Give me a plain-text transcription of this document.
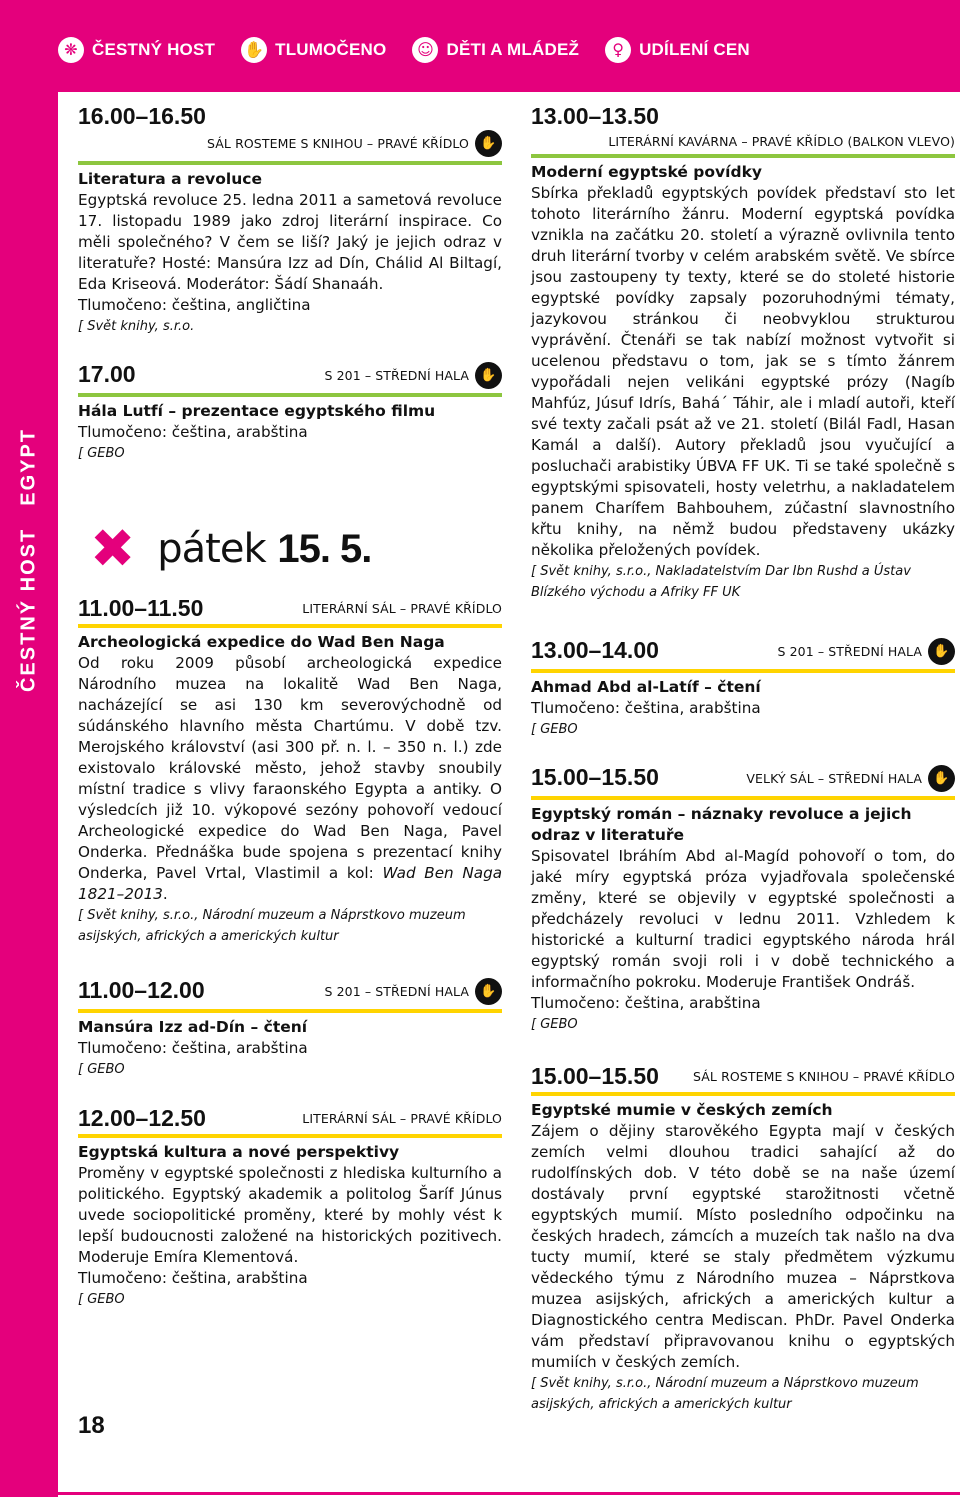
❋ ČESTNÝ HOST ✋ TLUMOČENO ☺ DĚTI A MLÁDEŽ	♀ UDÍLENÍ CEN
ČESTNÝ HOSTEGYPT
16.00–16.50
SÁL ROSTEME S KNIHOU – PRAVÉ KŘÍDLO ✋
Literatura a revoluce
Egyptská revoluce 25. ledna 2011 a sametová revoluce 17. listopadu 1989 jako zdroj literární inspirace. Co měli společného? V čem se liší? Jaký je jejich odraz v literatuře? Hosté: Mansúra Izz ad Dín, Chálid Al Biltagí, Eda Kriseová. Moderátor: Šádí Shanaáh.
Tlumočeno: čeština, angličtina
[ Svět knihy, s.r.o.
17.00	S 201 – STŘEDNÍ HALA ✋
Hála Lutfí – prezentace egyptského filmu
Tlumočeno: čeština, arabština
[ GEBO
✖ pátek 15. 5.
11.00–11.50	LITERÁRNÍ SÁL – PRAVÉ KŘÍDLO
Archeologická expedice do Wad Ben Naga
Od roku 2009 působí archeologická expedice Národního muzea na lokalitě Wad Ben Naga, nacházející se asi 130 km severovýchodně od súdánského hlavního města Chartúmu. V době tzv. Merojského království (asi 300 př. n. l. – 350 n. l.) zde existovalo královské město, jehož stavby snoubily místní tradice s vlivy faraonského Egypta a antiky. O výsledcích již 10. výkopové sezóny pohovoří vedoucí Archeologické expedice do Wad Ben Naga, Pavel Onderka. Přednáška bude spojena s prezentací knihy Onderka, Pavel Vrtal, Vlastimil a kol: Wad Ben Naga 1821–2013.
[ Svět knihy, s.r.o., Národní muzeum a Náprstkovo muzeum asijských, afrických a amerických kultur
11.00–12.00	S 201 – STŘEDNÍ HALA ✋
Mansúra Izz ad-Dín – čtení
Tlumočeno: čeština, arabština
[ GEBO
12.00–12.50	LITERÁRNÍ SÁL – PRAVÉ KŘÍDLO
Egyptská kultura a nové perspektivy
Proměny v egyptské společnosti z hlediska kulturního a politického. Egyptský akademik a politolog Šaríf Júnus uvede sociopolitické proměny, které by mohly vést k lepší budoucnosti založené na historických pozitivech. Moderuje Emíra Klementová.
Tlumočeno: čeština, arabština
[ GEBO
18
13.00–13.50
LITERÁRNÍ KAVÁRNA – PRAVÉ KŘÍDLO (BALKON VLEVO)
Moderní egyptské povídky
Sbírka překladů egyptských povídek představí sto let tohoto literárního žánru. Moderní egyptská povídka vznikla na začátku 20. století a výrazně ovlivnila tento druh literární tvorby v celém arabském světě. Ve sbírce jsou zastoupeny ty texty, které se do stoleté historie egyptské povídky zapsaly pozoruhodnými tématy, jazykovou stránkou či neobvyklou strukturou vyprávění. Čtenáři se tak nabízí možnost vytvořit si ucelenou představu o tom, jak se s tímto žánrem vypořádali nejen velikáni egyptské prózy (Nagíb Mahfúz, Júsuf Idrís, Bahá´ Táhir, ale i mladí autoři, kteří své texty začali psát až ve 21. století (Bilál Fadl, Hasan Kamál a další). Autory překladů jsou vyučující a posluchači arabistiky ÚBVA FF UK. Ti se také společně s egyptskými spisovateli, hosty veletrhu, a nakladatelem panem Charífem Bahbouhem, zúčastní slavnostního křtu knihy, na němž budou představeny ukázky několika přeložených povídek.
[ Svět knihy, s.r.o., Nakladatelstvím Dar Ibn Rushd a Ústav Blízkého východu a Afriky FF UK
13.00–14.00	S 201 – STŘEDNÍ HALA ✋
Ahmad Abd al-Latíf – čtení
Tlumočeno: čeština, arabština
[ GEBO
15.00–15.50	VELKÝ SÁL – STŘEDNÍ HALA ✋
Egyptský román – náznaky revoluce a jejich odraz v literatuře
Spisovatel Ibráhím Abd al-Magíd pohovoří o tom, do jaké míry egyptská próza vyjadřovala společenské změny, které se objevily v egyptské společnosti a předcházely revoluci v lednu 2011. Vzhledem k historické a kulturní tradici egyptského národa hrál egyptský román svoji roli i v době technického a informačního pokroku. Moderuje František Ondráš.
Tlumočeno: čeština, arabština
[ GEBO
15.00–15.50	SÁL ROSTEME S KNIHOU – PRAVÉ KŘÍDLO
Egyptské mumie v českých zemích
Zájem o dějiny starověkého Egypta mají v českých zemích velmi dlouhou tradici sahající až do rudolfínských dob. V této době se na naše území dostávaly první egyptské starožitnosti včetně egyptských mumií. Místo posledního odpočinku na českých hradech, zámcích a muzeích tak našlo na dva tucty mumií, které se staly předmětem výzkumu vědeckého týmu z Národního muzea – Náprstkova muzea asijských, afrických a amerických kultur a Diagnostického centra Mediscan. PhDr. Pavel Onderka vám představí připravovanou knihu o egyptských mumiích v českých zemích.
[ Svět knihy, s.r.o., Národní muzeum a Náprstkovo muzeum asijských, afrických a amerických kultur
